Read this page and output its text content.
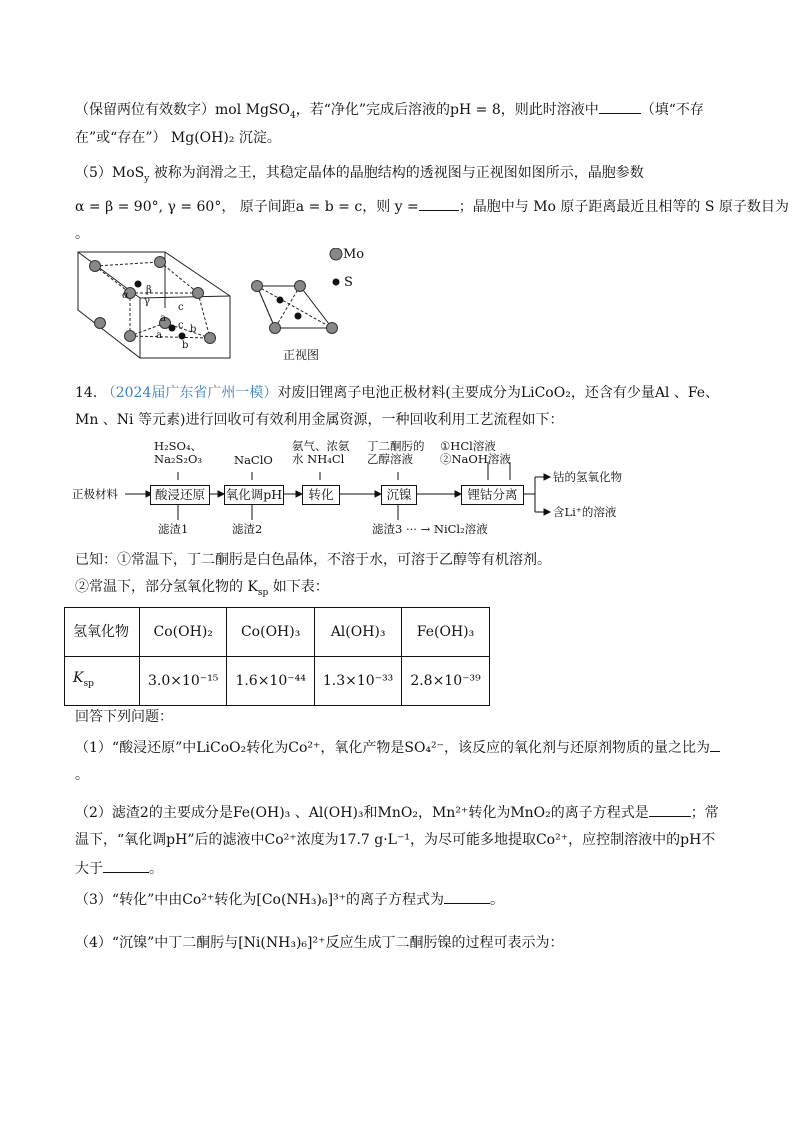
（保留两位有效数字）mol MgSO$_4$，若“净化”完成后溶液的pH = 8，则此时溶液中	（填“不存
在”或“存在”） Mg(OH)₂ 沉淀。
（5）MoS$_y$ 被称为润滑之王，其稳定晶体的晶胞结构的透视图与正视图如图所示，晶胞参数
α = β = 90°, γ = 60°， 原子间距a = b = c，则 y =	；晶胞中与 Mo 原子距离最近且相等的 S 原子数目为
。
α β
γ
a
c
c
a
b
b
Mo
S
正视图
14. （2024届广东省广州一模）对废旧锂离子电池正极材料(主要成分为LiCoO₂，还含有少量Al 、Fe、
Mn 、Ni 等元素)进行回收可有效利用金属资源，一种回收利用工艺流程如下：
正极材料	酸浸还原	氧化调pH	转化	沉镍	锂钴分离
H₂SO₄、Na₂S₂O₃	NaClO
氨气、浓氨水 NH₄Cl
丁二酮肟的乙醇溶液
①HCl溶液 ②NaOH溶液
滤渣1	滤渣2	滤渣3 ··· → NiCl₂溶液
钴的氢氧化物
含Li⁺的溶液
已知：①常温下，丁二酮肟是白色晶体，不溶于水，可溶于乙醇等有机溶剂。
②常温下，部分氢氧化物的 $K_{sp}$ 如下表：
氢氧化物	Co(OH)₂	Co(OH)₃	Al(OH)₃	Fe(OH)₃
$K_{sp}$	3.0×10⁻¹⁵	1.6×10⁻⁴⁴	1.3×10⁻³³	2.8×10⁻³⁹
回答下列问题：
（1）“酸浸还原”中LiCoO₂转化为Co²⁺，氧化产物是SO₄²⁻，该反应的氧化剂与还原剂物质的量之比为
。
（2）滤渣2的主要成分是Fe(OH)₃ 、Al(OH)₃和MnO₂，Mn²⁺转化为MnO₂的离子方程式是	；常
温下，“氧化调pH”后的滤液中Co²⁺浓度为17.7 g·L⁻¹，为尽可能多地提取Co²⁺，应控制溶液中的pH不
大于	。
（3）“转化”中由Co²⁺转化为[Co(NH₃)₆]³⁺的离子方程式为	。
（4）“沉镍”中丁二酮肟与[Ni(NH₃)₆]²⁺反应生成丁二酮肟镍的过程可表示为：
